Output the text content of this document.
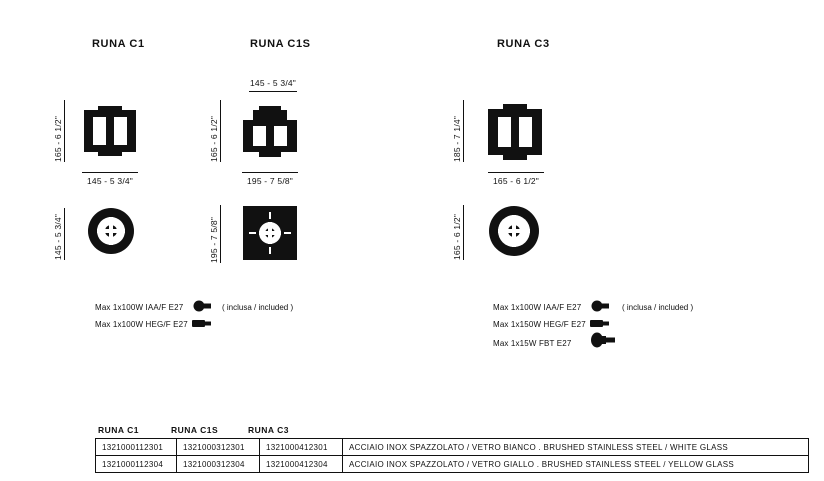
RUNA C1	RUNA C1S	RUNA C3
165 - 6 1/2"
145 - 5 3/4"
145 - 5 3/4"
145 - 5 3/4"
165 - 6 1/2"
195 - 7 5/8"
195 - 7 5/8"
185 - 7 1/4"
165 - 6 1/2"
165 - 6 1/2"
Max 1x100W IAA/F E27	( inclusa / included )
Max 1x100W HEG/F E27
Max 1x100W IAA/F E27	( inclusa / included )
Max 1x150W HEG/F E27
Max 1x15W FBT E27
RUNA C1	RUNA C1S	RUNA C3
1321000112301	1321000312301	1321000412301	ACCIAIO INOX SPAZZOLATO / VETRO BIANCO . BRUSHED STAINLESS STEEL / WHITE GLASS
1321000112304	1321000312304	1321000412304	ACCIAIO INOX SPAZZOLATO / VETRO GIALLO . BRUSHED STAINLESS STEEL / YELLOW GLASS
